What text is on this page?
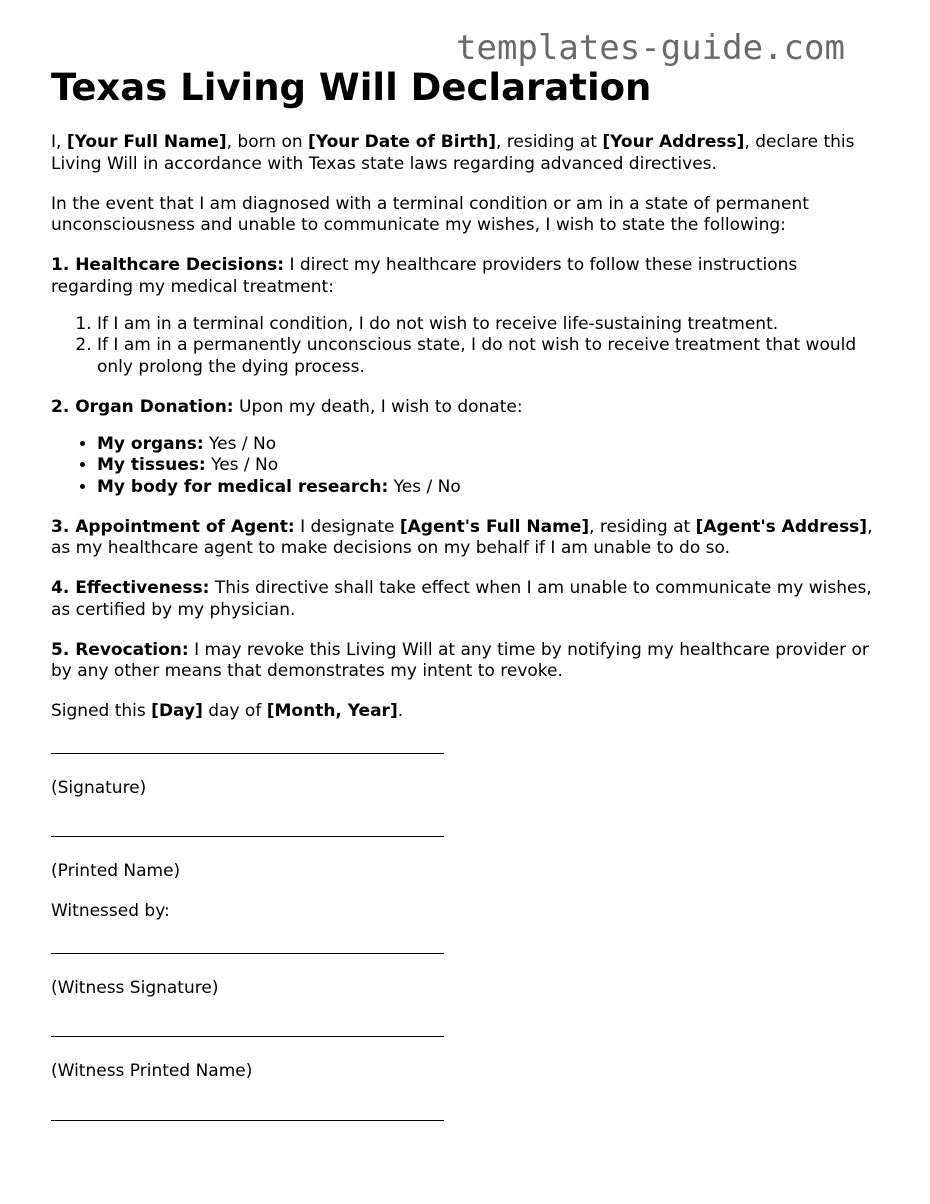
templates-guide.com
Texas Living Will Declaration

I, [Your Full Name], born on [Your Date of Birth], residing at [Your Address], declare this Living Will in accordance with Texas state laws regarding advanced directives.

In the event that I am diagnosed with a terminal condition or am in a state of permanent unconsciousness and unable to communicate my wishes, I wish to state the following:

1. Healthcare Decisions: I direct my healthcare providers to follow these instructions regarding my medical treatment:

1. If I am in a terminal condition, I do not wish to receive life-sustaining treatment.
2. If I am in a permanently unconscious state, I do not wish to receive treatment that would only prolong the dying process.

2. Organ Donation: Upon my death, I wish to donate:

• My organs: Yes / No
• My tissues: Yes / No
• My body for medical research: Yes / No

3. Appointment of Agent: I designate [Agent's Full Name], residing at [Agent's Address], as my healthcare agent to make decisions on my behalf if I am unable to do so.

4. Effectiveness: This directive shall take effect when I am unable to communicate my wishes, as certified by my physician.

5. Revocation: I may revoke this Living Will at any time by notifying my healthcare provider or by any other means that demonstrates my intent to revoke.

Signed this [Day] day of [Month, Year].

(Signature)
(Printed Name)
Witnessed by:
(Witness Signature)
(Witness Printed Name)
